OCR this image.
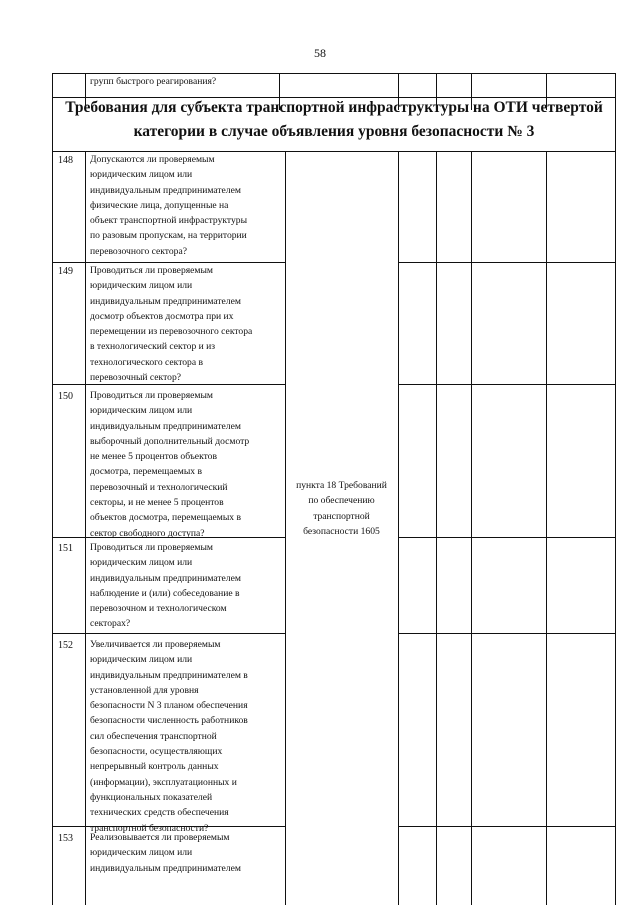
58
групп быстрого реагирования?
Требования для субъекта транспортной инфраструктуры на ОТИ четвертой
категории в случае объявления уровня безопасности № 3
пункта 18 Требований
по обеспечению
транспортной
безопасности 1605
148 Допускаются ли проверяемым
юридическим лицом или
индивидуальным предпринимателем
физические лица, допущенные на
объект транспортной инфраструктуры
по разовым пропускам, на территории
перевозочного сектора?
149 Проводиться ли проверяемым
юридическим лицом или
индивидуальным предпринимателем
досмотр объектов досмотра при их
перемещении из перевозочного сектора
в технологический сектор и из
технологического сектора в
перевозочный сектор?
150 Проводиться ли проверяемым
юридическим лицом или
индивидуальным предпринимателем
выборочный дополнительный досмотр
не менее 5 процентов объектов
досмотра, перемещаемых в
перевозочный и технологический
секторы, и не менее 5 процентов
объектов досмотра, перемещаемых в
сектор свободного доступа?
151 Проводиться ли проверяемым
юридическим лицом или
индивидуальным предпринимателем
наблюдение и (или) собеседование в
перевозочном и технологическом
секторах?
152 Увеличивается ли проверяемым
юридическим лицом или
индивидуальным предпринимателем в
установленной для уровня
безопасности N 3 планом обеспечения
безопасности численность работников
сил обеспечения транспортной
безопасности, осуществляющих
непрерывный контроль данных
(информации), эксплуатационных и
функциональных показателей
технических средств обеспечения
транспортной безопасности?
153 Реализовывается ли проверяемым
юридическим лицом или
индивидуальным предпринимателем
